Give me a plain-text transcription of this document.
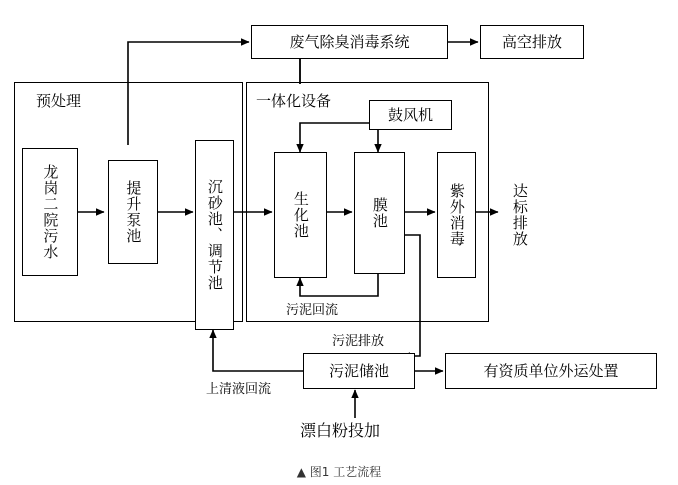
预处理	一体化设备
龙岗二院污水	提升泵池	沉砂池、调节池	生化池	膜池	紫外消毒	达标排放
废气除臭消毒系统	高空排放
鼓风机
污泥储池	有资质单位外运处置
污泥回流
污泥排放
上清液回流
漂白粉投加
▲ 图1 工艺流程
